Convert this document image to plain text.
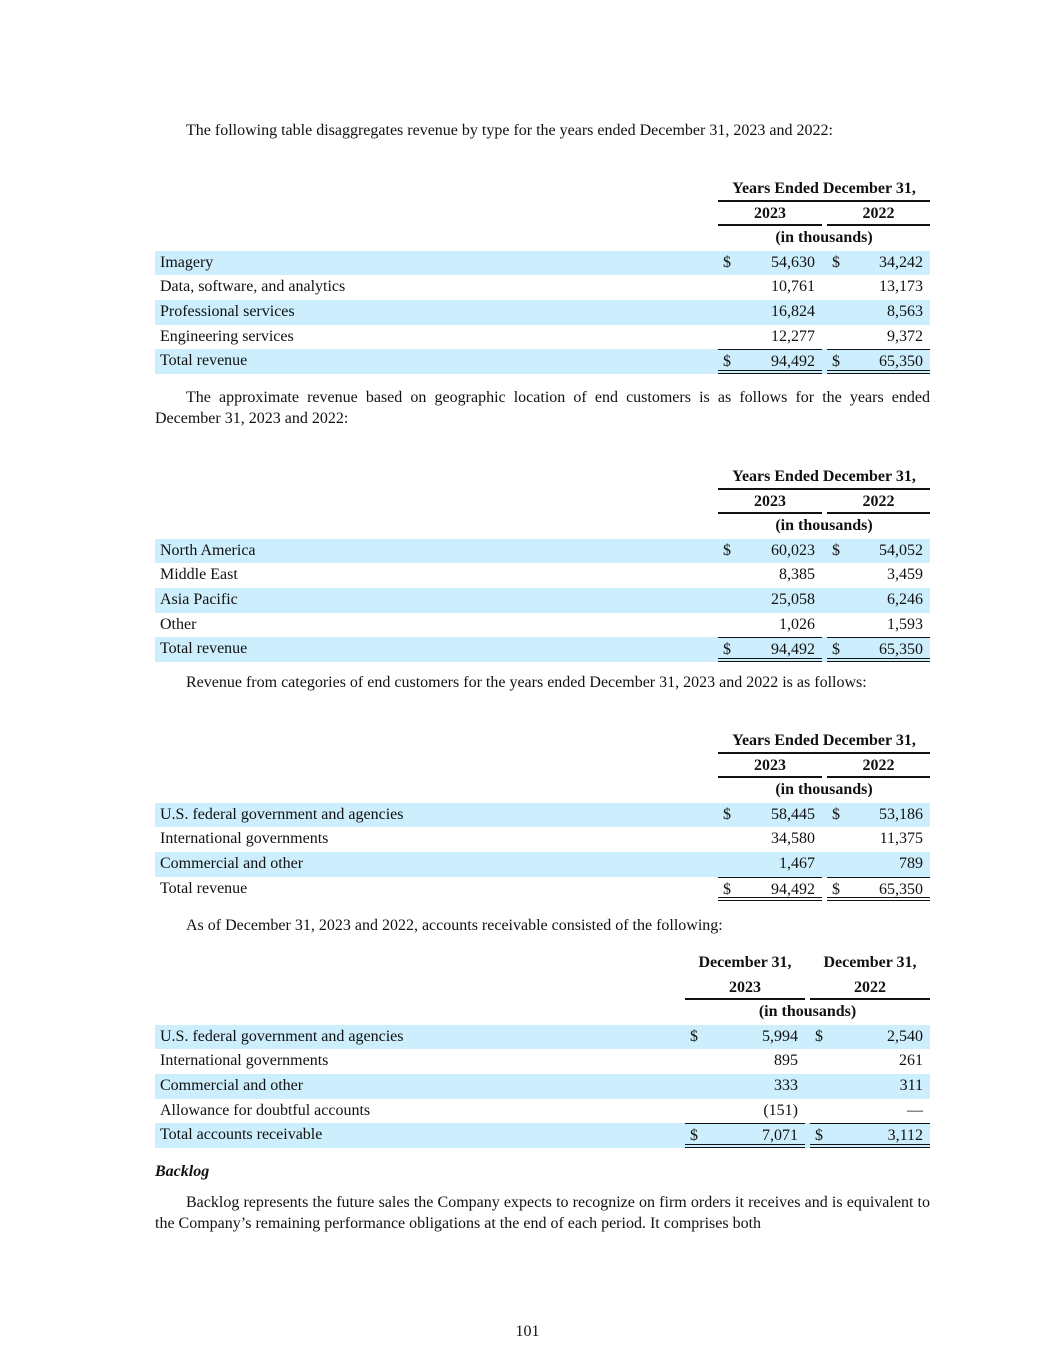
The following table disaggregates revenue by type for the years ended December 31, 2023 and 2022:

Years Ended December 31,
2023	2022
(in thousands)
Imagery	$	54,630 $ 34,242
Data, software, and analytics	10,761	13,173
Professional services	16,824	8,563
Engineering services	12,277	9,372
Total revenue	$	94,492 $ 65,350

The approximate revenue based on geographic location of end customers is as follows for the years ended December 31, 2023 and 2022:

Years Ended December 31,
2023	2022
(in thousands)
North America	$	60,023 $ 54,052
Middle East	8,385	3,459
Asia Pacific	25,058	6,246
Other	1,026	1,593
Total revenue	$	94,492 $ 65,350

Revenue from categories of end customers for the years ended December 31, 2023 and 2022 is as follows:

Years Ended December 31,
2023	2022
(in thousands)
U.S. federal government and agencies	$	58,445 $ 53,186
International governments	34,580	11,375
Commercial and other	1,467	789
Total revenue	$	94,492 $ 65,350

As of December 31, 2023 and 2022, accounts receivable consisted of the following:

December 31,	December 31,
2023	2022
(in thousands)
U.S. federal government and agencies	$	5,994 $	2,540
International governments	895	261
Commercial and other	333	311
Allowance for doubtful accounts	(151)	—
Total accounts receivable	$	7,071 $	3,112
Backlog

Backlog represents the future sales the Company expects to recognize on firm orders it receives and is equivalent to the Company’s remaining performance obligations at the end of each period. It comprises both

101
